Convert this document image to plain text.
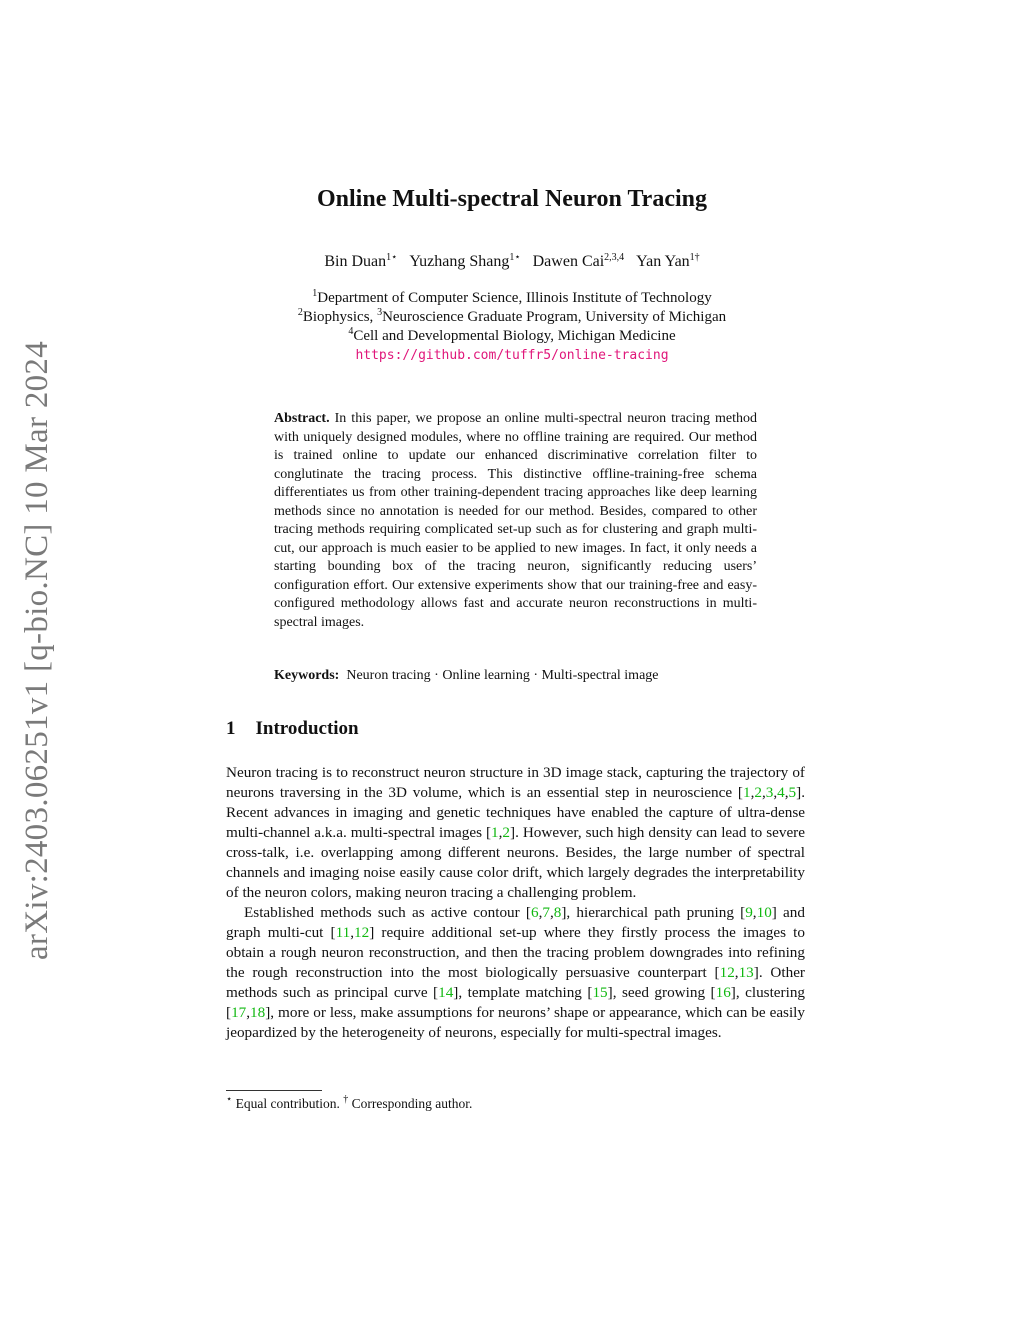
arXiv:2403.06251v1 [q-bio.NC] 10 Mar 2024
Online Multi-spectral Neuron Tracing
Bin Duan$^{1⋆}$ Yuzhang Shang$^{1⋆}$ Dawen Cai$^{2,3,4}$ Yan Yan$^{1\dagger}$
$^1$Department of Computer Science, Illinois Institute of Technology
$^2$Biophysics, $^3$Neuroscience Graduate Program, University of Michigan
$^4$Cell and Developmental Biology, Michigan Medicine
https://github.com/tuffr5/online-tracing
Abstract. In this paper, we propose an online multi-spectral neuron tracing method with uniquely designed modules, where no offline training are required. Our method is trained online to update our enhanced discriminative correlation filter to conglutinate the tracing process. This distinctive offline-training-free schema differentiates us from other training-dependent tracing approaches like deep learning methods since no annotation is needed for our method. Besides, compared to other tracing methods requiring complicated set-up such as for clustering and graph multi-cut, our approach is much easier to be applied to new images. In fact, it only needs a starting bounding box of the tracing neuron, significantly reducing users’ configuration effort. Our extensive experiments show that our training-free and easy-configured methodology allows fast and accurate neuron reconstructions in multi-spectral images.
Keywords: Neuron tracing · Online learning · Multi-spectral image
1 Introduction

Neuron tracing is to reconstruct neuron structure in 3D image stack, capturing the trajectory of neurons traversing in the 3D volume, which is an essential step in neuroscience [1,2,3,4,5]. Recent advances in imaging and genetic techniques have enabled the capture of ultra-dense multi-channel a.k.a. multi-spectral images [1,2]. However, such high density can lead to severe cross-talk, i.e. overlapping among different neurons. Besides, the large number of spectral channels and imaging noise easily cause color drift, which largely degrades the interpretability of the neuron colors, making neuron tracing a challenging problem.

Established methods such as active contour [6,7,8], hierarchical path pruning [9,10] and graph multi-cut [11,12] require additional set-up where they firstly process the images to obtain a rough neuron reconstruction, and then the tracing problem downgrades into refining the rough reconstruction into the most biologically persuasive counterpart [12,13]. Other methods such as principal curve [14], template matching [15], seed growing [16], clustering [17,18], more or less, make assumptions for neurons’ shape or appearance, which can be easily jeopardized by the heterogeneity of neurons, especially for multi-spectral images.

⋆ Equal contribution. † Corresponding author.
